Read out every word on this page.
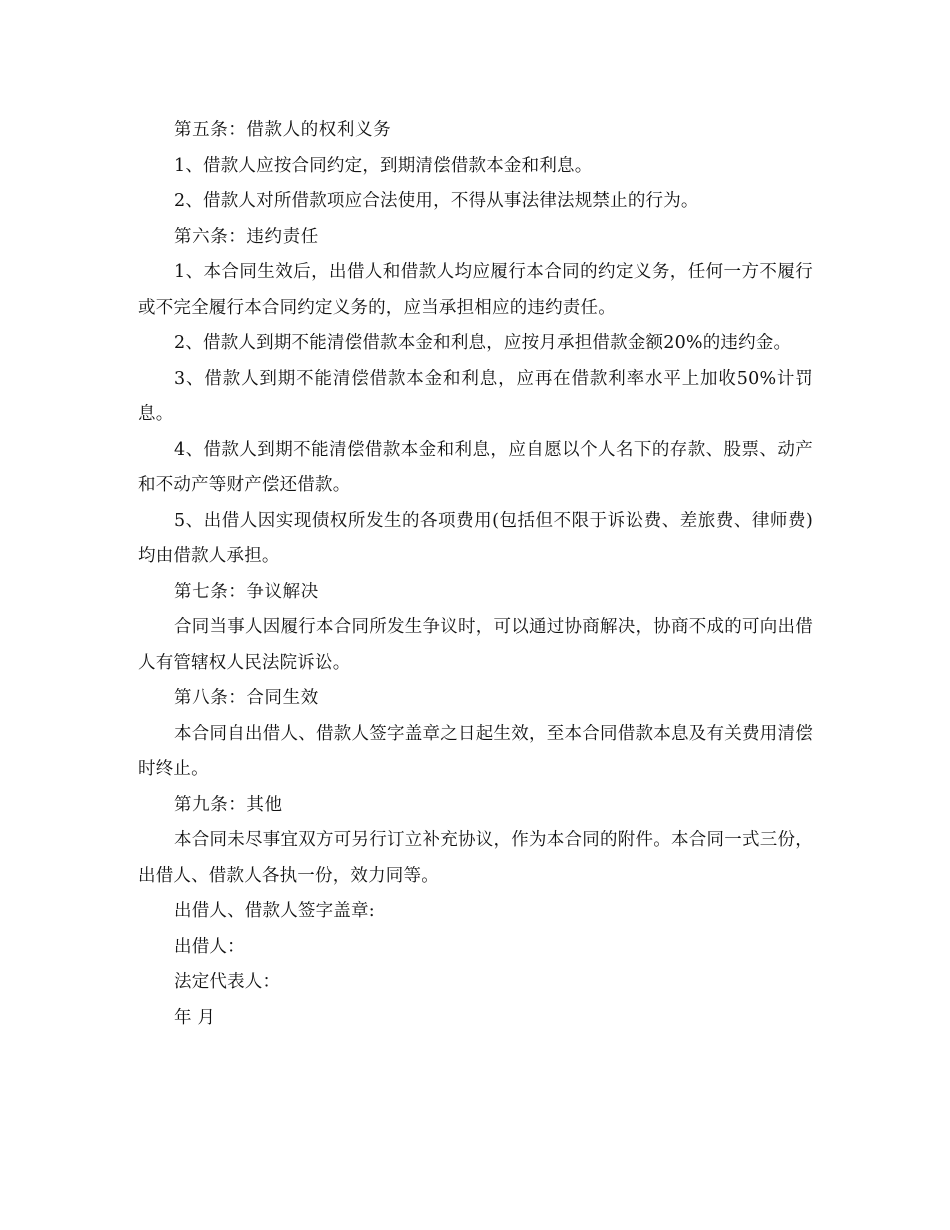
第五条：借款人的权利义务

1、借款人应按合同约定，到期清偿借款本金和利息。

2、借款人对所借款项应合法使用，不得从事法律法规禁止的行为。

第六条：违约责任

1、本合同生效后，出借人和借款人均应履行本合同的约定义务，任何一方不履行或不完全履行本合同约定义务的，应当承担相应的违约责任。

2、借款人到期不能清偿借款本金和利息，应按月承担借款金额20%的违约金。

3、借款人到期不能清偿借款本金和利息，应再在借款利率水平上加收50%计罚息。

4、借款人到期不能清偿借款本金和利息，应自愿以个人名下的存款、股票、动产和不动产等财产偿还借款。

5、出借人因实现债权所发生的各项费用(包括但不限于诉讼费、差旅费、律师费)均由借款人承担。

第七条：争议解决

合同当事人因履行本合同所发生争议时，可以通过协商解决，协商不成的可向出借人有管辖权人民法院诉讼。

第八条：合同生效

本合同自出借人、借款人签字盖章之日起生效，至本合同借款本息及有关费用清偿时终止。

第九条：其他

本合同未尽事宜双方可另行订立补充协议，作为本合同的附件。本合同一式三份，出借人、借款人各执一份，效力同等。

出借人、借款人签字盖章:

出借人：

法定代表人：

年 月
